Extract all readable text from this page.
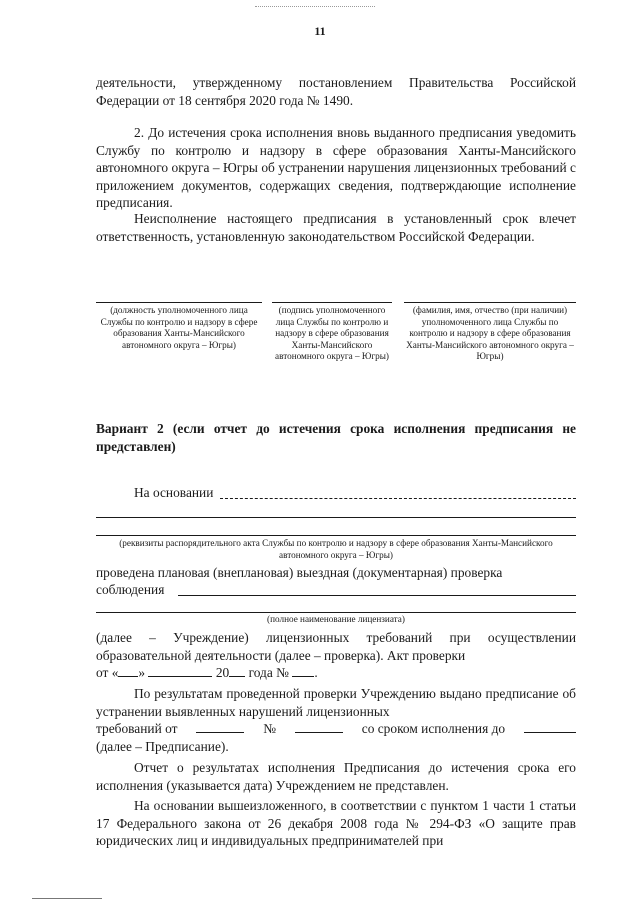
11
деятельности, утвержденному постановлением Правительства Российской Федерации от 18 сентября 2020 года № 1490.
2. До истечения срока исполнения вновь выданного предписания уведомить Службу по контролю и надзору в сфере образования Ханты-Мансийского автономного округа – Югры об устранении нарушения лицензионных требований с приложением документов, содержащих сведения, подтверждающие исполнение предписания.
Неисполнение настоящего предписания в установленный срок влечет ответственность, установленную законодательством Российской Федерации.
(должность уполномоченного лица Службы по контролю и надзору в сфере образования Ханты-Мансийского автономного округа – Югры)
(подпись уполномоченного лица Службы по контролю и надзору в сфере образования Ханты-Мансийского автономного округа – Югры)
(фамилия, имя, отчество (при наличии) уполномоченного лица Службы по контролю и надзору в сфере образования Ханты-Мансийского автономного округа – Югры)
Вариант 2 (если отчет до истечения срока исполнения предписания не представлен)
На основании
(реквизиты распорядительного акта Службы по контролю и надзору в сфере образования Ханты-Мансийского автономного округа – Югры)
проведена плановая (внеплановая) выездная (документарная) проверка
соблюдения
(полное наименование лицензиата)
(далее – Учреждение) лицензионных требований при осуществлении образовательной деятельности (далее – проверка). Акт проверки
от « »	20 года № .
По результатам проведенной проверки Учреждению выдано предписание об устранении выявленных нарушений лицензионных
требований от	№	со сроком исполнения до
(далее – Предписание).
Отчет о результатах исполнения Предписания до истечения срока его исполнения (указывается дата) Учреждением не представлен.
На основании вышеизложенного, в соответствии с пунктом 1 части 1 статьи 17 Федерального закона от 26 декабря 2008 года № 294-ФЗ «О защите прав юридических лиц и индивидуальных предпринимателей при
